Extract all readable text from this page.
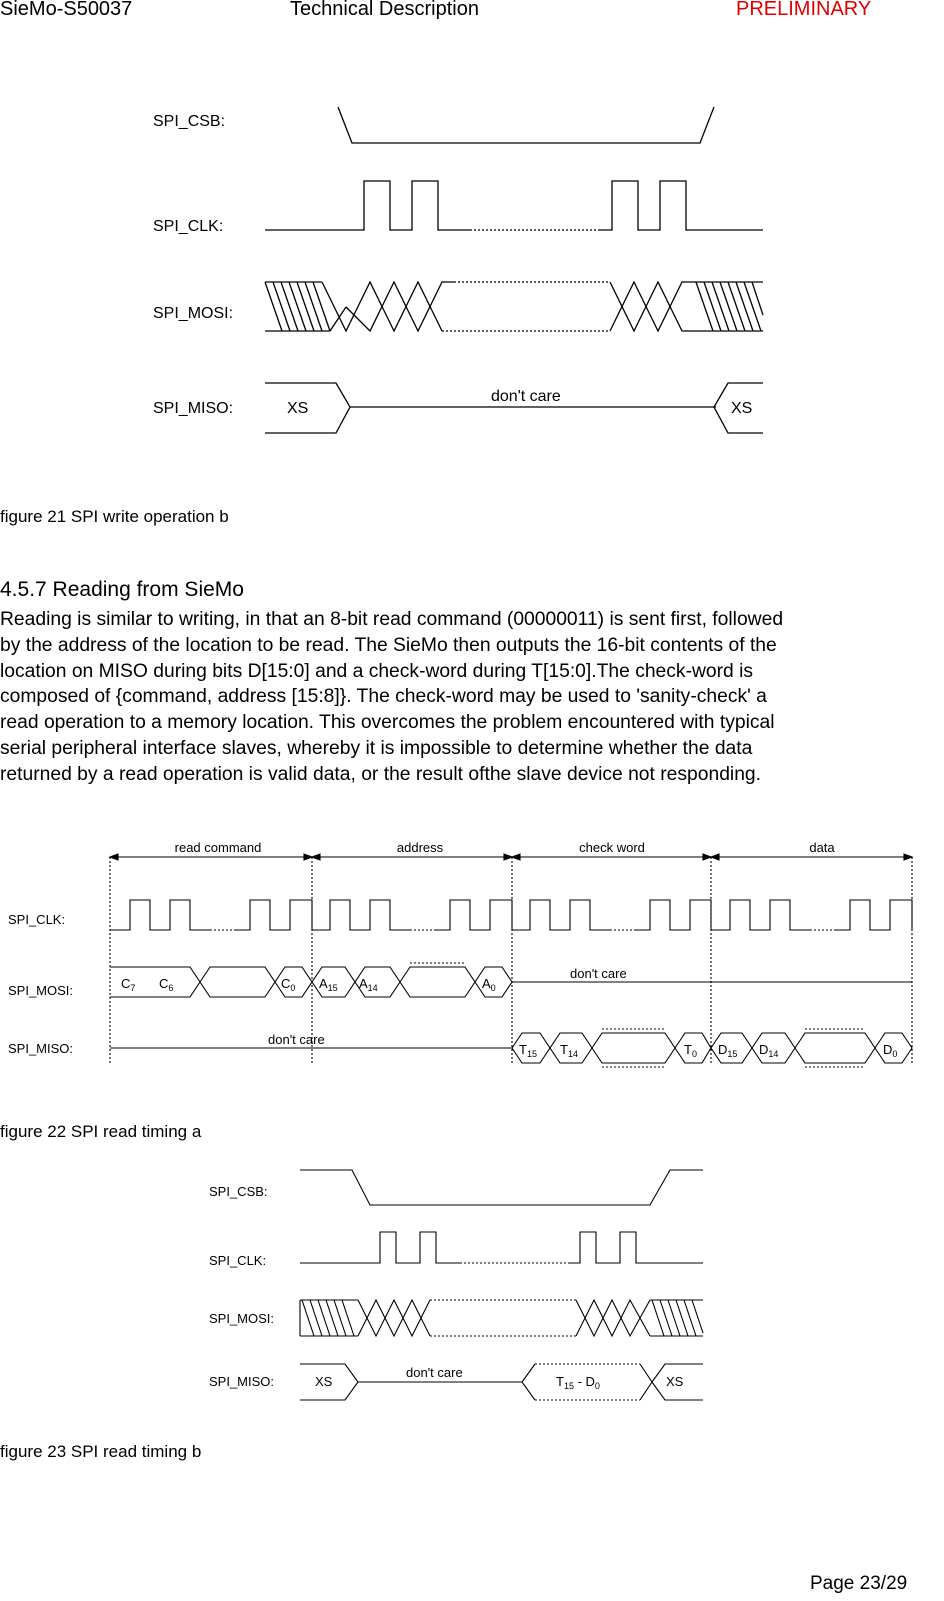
SieMo-S50037	Technical Description	PRELIMINARY
SPI_CSB:
SPI_CLK:
SPI_MOSI:
SPI_MISO:	XS
don't care
XS
figure 21 SPI write operation b
4.5.7 Reading from SieMo

Reading is similar to writing, in that an 8-bit read command (00000011) is sent first, followed

by the address of the location to be read. The SieMo then outputs the 16-bit contents of the

location on MISO during bits D[15:0] and a check-word during T[15:0].The check-word is

composed of {command, address [15:8]}. The check-word may be used to 'sanity-check' a

read operation to a memory location. This overcomes the problem encountered with typical

serial peripheral interface slaves, whereby it is impossible to determine whether the data

returned by a read operation is valid data, or the result ofthe slave device not responding.

read command	address	check word	data
SPI_CLK:
SPI_MOSI:
SPI_MISO:
$C_7$ $C_6$	$C_0$ $A_{15}$ $A_{14}$	$A_0$
don't care
don't care
$T_{15}$ $T_{14}$	$T_0$ $D_{15}$ $D_{14}$	$D_0$
figure 22 SPI read timing a
SPI_CSB:
SPI_CLK:
SPI_MOSI:
SPI_MISO:	XS
don't care
$T_{15} - D_0$	XS
figure 23 SPI read timing b
Page 23/29
